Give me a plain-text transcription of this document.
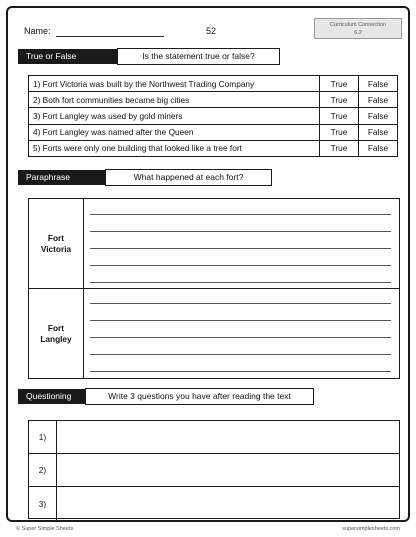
Name:	52
Curriculum Connection
6.2
True or False	Is the statement true or false?
1) Fort Victoria was built by the Northwest Trading Company	True	False
2) Both fort communities became big cities	True	False
3) Fort Langley was used by gold miners	True	False
4) Fort Langley was named after the Queen	True	False
5) Forts were only one building that looked like a tree fort	True	False
Paraphrase	What happened at each fort?
Fort
Victoria
Fort
Langley
Questioning	Write 3 questions you have after reading the text
1)
2)
3)
© Super Simple Sheets	supersimplesheets.com
